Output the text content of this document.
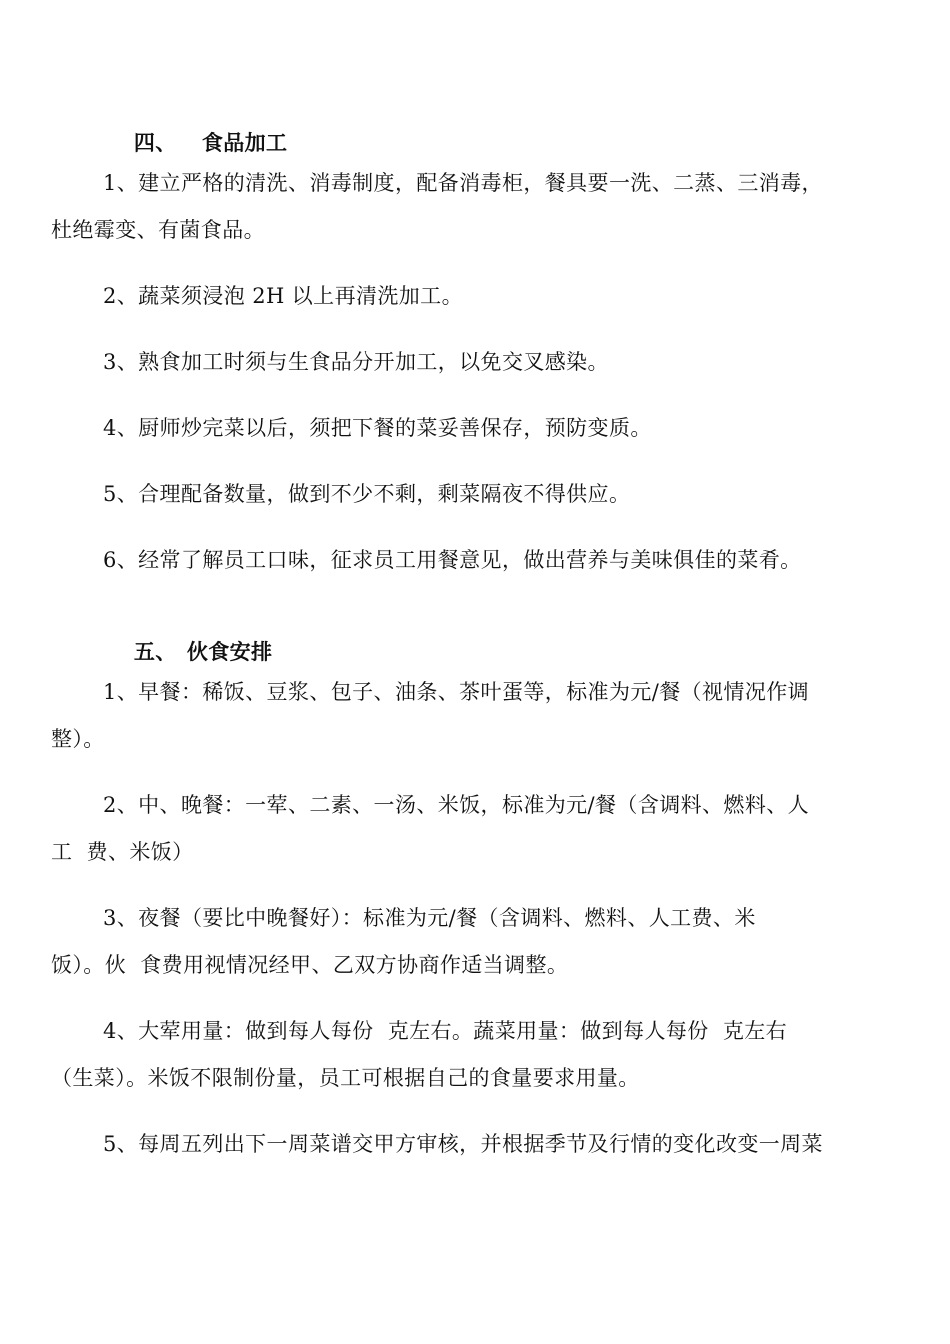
四、 食品加工

1、建立严格的清洗、消毒制度，配备消毒柜，餐具要一洗、二蒸、三消毒，
杜绝霉变、有菌食品。
2、蔬菜须浸泡 2H 以上再清洗加工。
3、熟食加工时须与生食品分开加工，以免交叉感染。
4、厨师炒完菜以后，须把下餐的菜妥善保存，预防变质。
5、合理配备数量，做到不少不剩，剩菜隔夜不得供应。
6、经常了解员工口味，征求员工用餐意见，做出营养与美味俱佳的菜肴。

五、 伙食安排

1、早餐：稀饭、豆浆、包子、油条、茶叶蛋等，标准为元/餐（视情况作调
整）。
2、中、晚餐：一荤、二素、一汤、米饭，标准为元/餐（含调料、燃料、人
工  费、米饭）
3、夜餐（要比中晚餐好）：标准为元/餐（含调料、燃料、人工费、米
饭）。伙  食费用视情况经甲、乙双方协商作适当调整。
4、大荤用量：做到每人每份  克左右。蔬菜用量：做到每人每份  克左右
（生菜）。米饭不限制份量，员工可根据自己的食量要求用量。
5、每周五列出下一周菜谱交甲方审核，并根据季节及行情的变化改变一周菜
